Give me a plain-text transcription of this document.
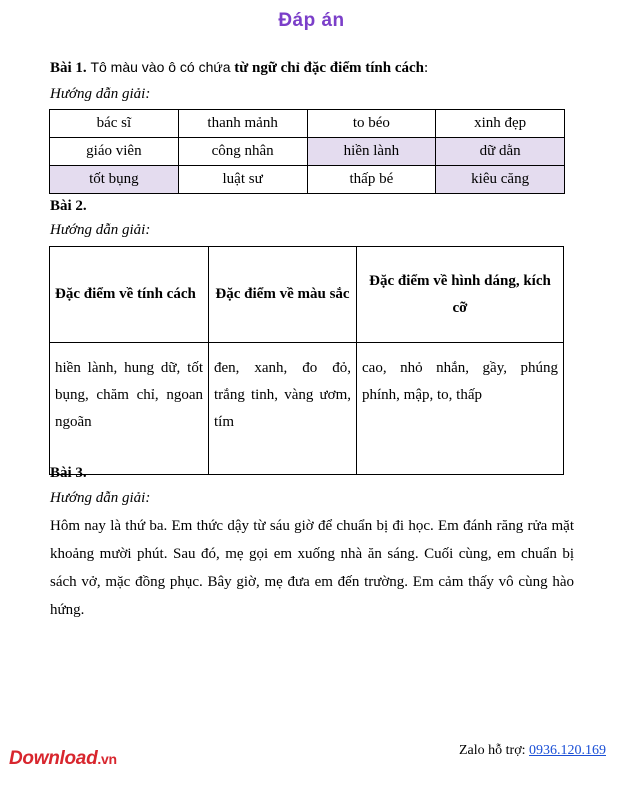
Đáp án
Bài 1. Tô màu vào ô có chứa từ ngữ chỉ đặc điểm tính cách:
Hướng dẫn giải:
bác sĩ	thanh mảnh	to béo	xinh đẹp
giáo viên	công nhân	hiền lành	dữ dằn
tốt bụng	luật sư	thấp bé	kiêu căng
Bài 2.
Hướng dẫn giải:
Đặc điểm về tính cách	Đặc điểm về màu sắc	Đặc điểm về hình dáng, kích cỡ
hiền lành, hung dữ, tốt bụng, chăm chỉ, ngoan ngoãn	đen, xanh, đo đỏ, trắng tinh, vàng ươm, tím	cao, nhỏ nhắn, gầy, phúng phính, mập, to, thấp
Bài 3.
Hướng dẫn giải:
Hôm nay là thứ ba. Em thức dậy từ sáu giờ để chuẩn bị đi học. Em đánh răng rửa mặt khoảng mười phút. Sau đó, mẹ gọi em xuống nhà ăn sáng. Cuối cùng, em chuẩn bị sách vở, mặc đồng phục. Bây giờ, mẹ đưa em đến trường. Em cảm thấy vô cùng hào hứng.
Download.vn
Zalo hỗ trợ: 0936.120.169
